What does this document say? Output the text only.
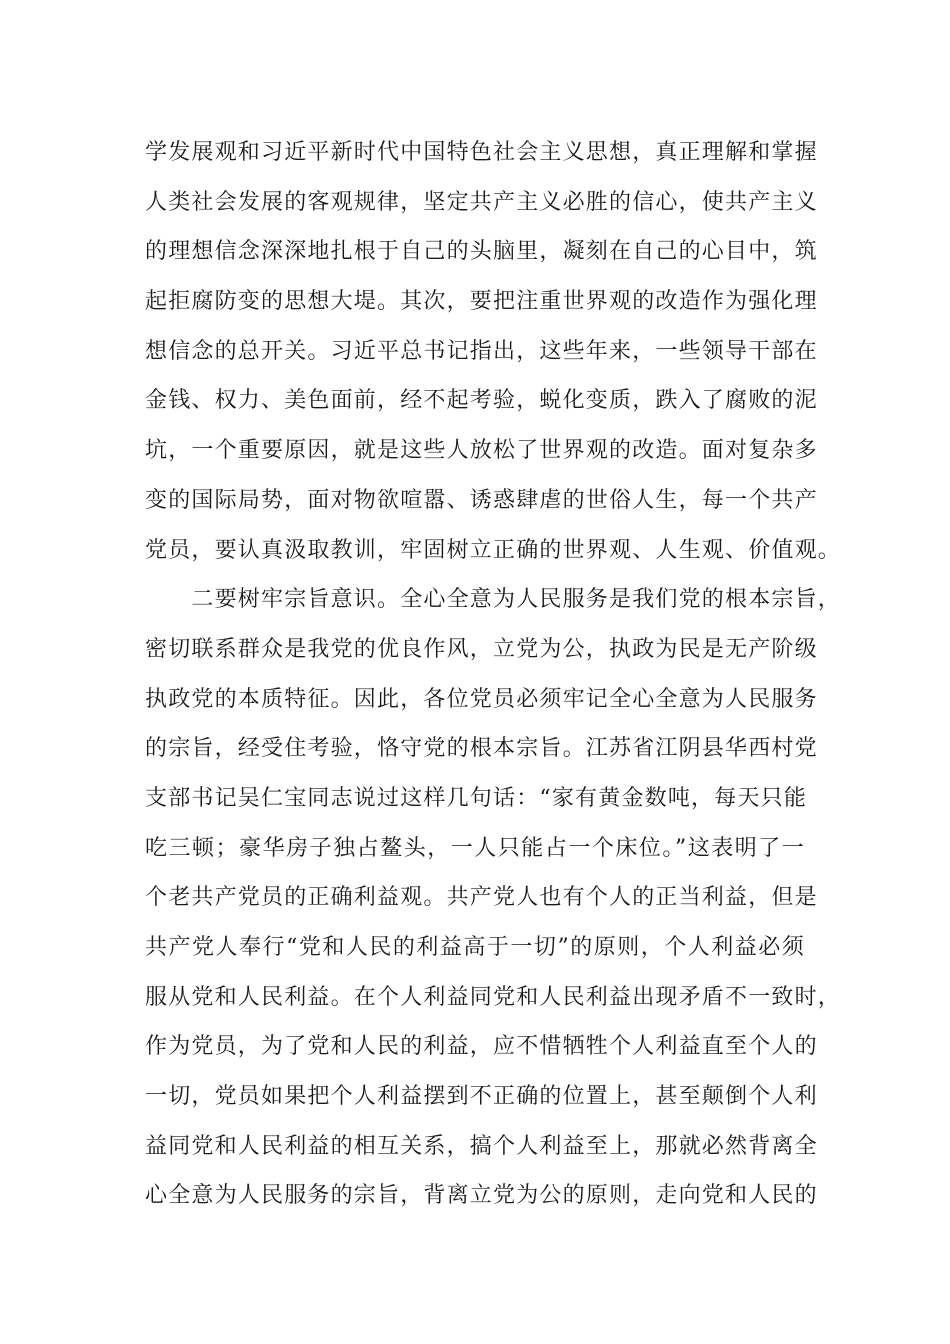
学发展观和习近平新时代中国特色社会主义思想，真正理解和掌握
人类社会发展的客观规律，坚定共产主义必胜的信心，使共产主义
的理想信念深深地扎根于自己的头脑里，凝刻在自己的心目中，筑
起拒腐防变的思想大堤。其次，要把注重世界观的改造作为强化理
想信念的总开关。习近平总书记指出，这些年来，一些领导干部在
金钱、权力、美色面前，经不起考验，蜕化变质，跌入了腐败的泥
坑，一个重要原因，就是这些人放松了世界观的改造。面对复杂多
变的国际局势，面对物欲喧嚣、诱惑肆虐的世俗人生，每一个共产
党员，要认真汲取教训，牢固树立正确的世界观、人生观、价值观。
　　二要树牢宗旨意识。全心全意为人民服务是我们党的根本宗旨，
密切联系群众是我党的优良作风，立党为公，执政为民是无产阶级
执政党的本质特征。因此，各位党员必须牢记全心全意为人民服务
的宗旨，经受住考验，恪守党的根本宗旨。江苏省江阴县华西村党
支部书记吴仁宝同志说过这样几句话：“家有黄金数吨，每天只能
吃三顿；豪华房子独占鳌头，一人只能占一个床位。”这表明了一
个老共产党员的正确利益观。共产党人也有个人的正当利益，但是
共产党人奉行“党和人民的利益高于一切”的原则，个人利益必须
服从党和人民利益。在个人利益同党和人民利益出现矛盾不一致时，
作为党员，为了党和人民的利益，应不惜牺牲个人利益直至个人的
一切，党员如果把个人利益摆到不正确的位置上，甚至颠倒个人利
益同党和人民利益的相互关系，搞个人利益至上，那就必然背离全
心全意为人民服务的宗旨，背离立党为公的原则，走向党和人民的
